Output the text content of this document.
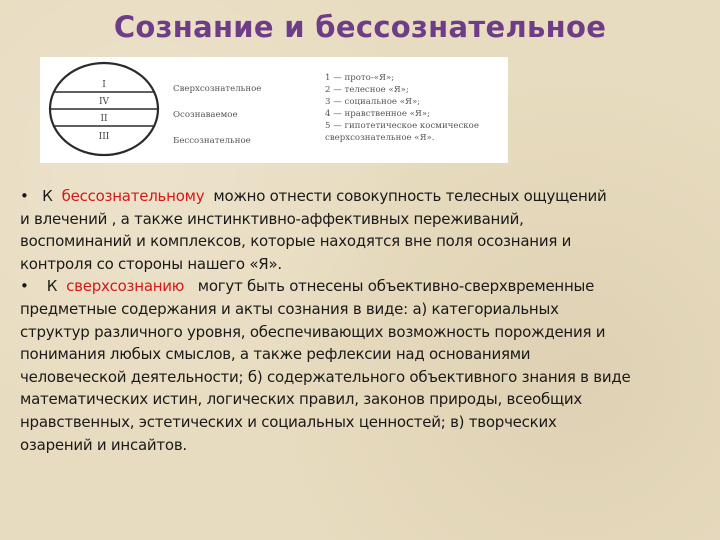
Сознание и бессознательное
I
IV
II
III
Сверхсознательное
Осознаваемое
Бессознательное
1 — прото-«Я»;
2 — телесное «Я»;
3 — социальное «Я»;
4 — нравственное «Я»;
5 — гипотетическое космическое
сверхсознательное «Я».
• К бессознательному можно отнести совокупность телесных ощущений
и влечений , а также инстинктивно-аффективных переживаний,
воспоминаний и комплексов, которые находятся вне поля осознания и
контроля со стороны нашего «Я».
• К сверхсознанию могут быть отнесены объективно-сверхвременные
предметные содержания и акты сознания в виде: а) категориальных
структур различного уровня, обеспечивающих возможность порождения и
понимания любых смыслов, а также рефлексии над основаниями
человеческой деятельности; б) содержательного объективного знания в виде
математических истин, логических правил, законов природы, всеобщих
нравственных, эстетических и социальных ценностей; в) творческих
озарений и инсайтов.
